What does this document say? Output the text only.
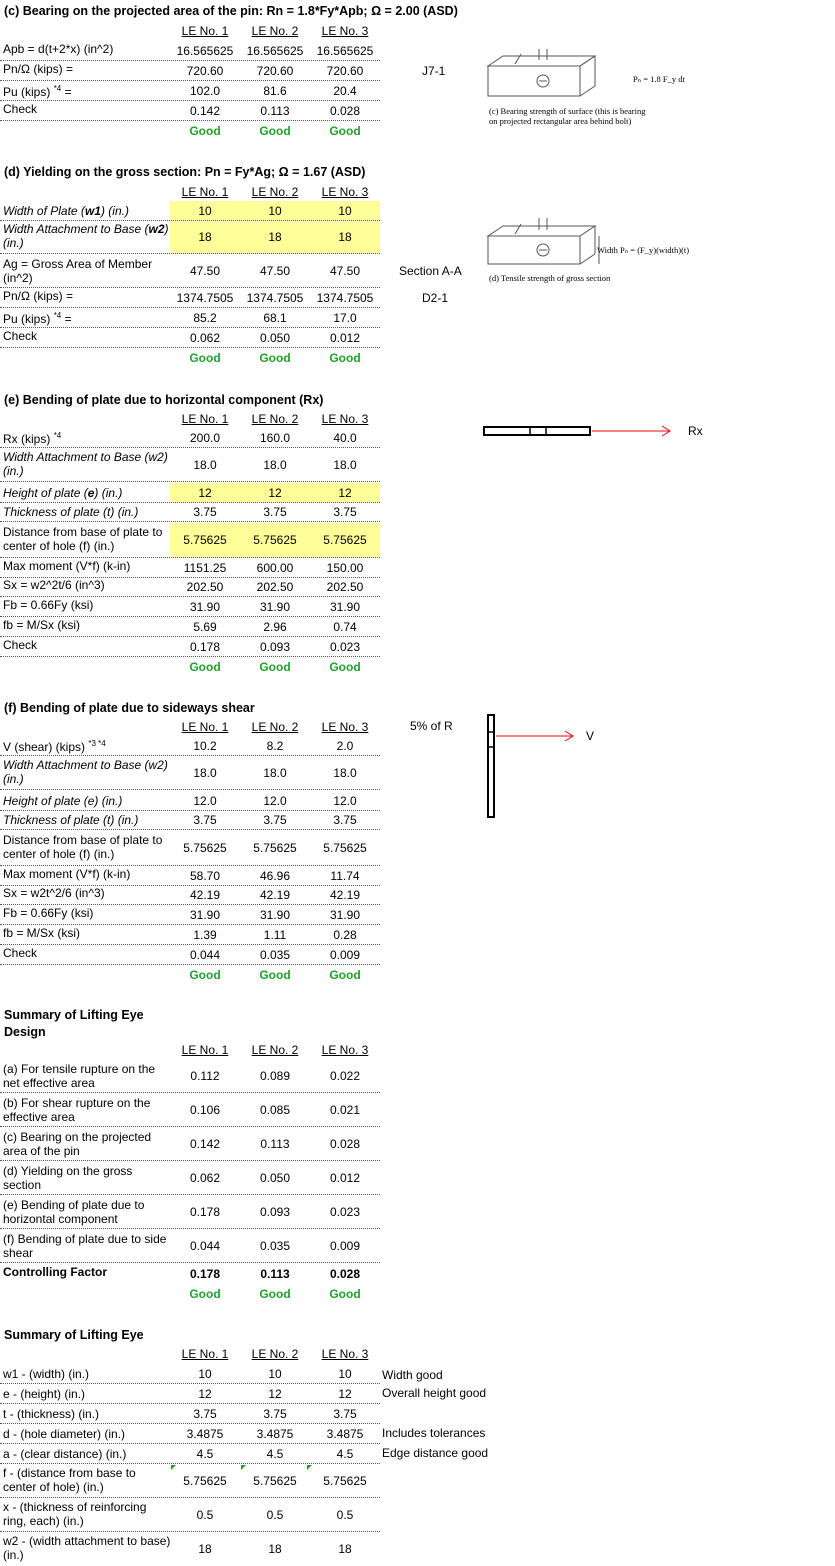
(c) Bearing on the projected area of the pin: Rn = 1.8*Fy*Apb; Ω = 2.00 (ASD)
LE No. 1	LE No. 2	LE No. 3
Apb = d(t+2*x) (in^2)	16.565625	16.565625	16.565625
Pn/Ω (kips) =	720.60	720.60	720.60
Pu (kips) $^{*4}$ =	102.0	81.6	20.4
Check	0.142	0.113	0.028
Good	Good	Good
J7-1
Pₙ = 1.8 F_y dt
(c) Bearing strength of surface (this is bearing
on projected rectangular area behind bolt)
(d) Yielding on the gross section: Pn = Fy*Ag; Ω = 1.67 (ASD)
LE No. 1	LE No. 2	LE No. 3
Width of Plate (w1) (in.)	10	10	10
Width Attachment to Base (w2) (in.)	18	18	18
Ag = Gross Area of Member (in^2)	47.50	47.50	47.50
Pn/Ω (kips) =	1374.7505	1374.7505	1374.7505
Pu (kips) $^{*4}$ =	85.2	68.1	17.0
Check	0.062	0.050	0.012
Good	Good	Good
Section A-A
D2-1
Width Pₙ = (F_y)(width)(t)
(d) Tensile strength of gross section
(e) Bending of plate due to horizontal component (Rx)
LE No. 1	LE No. 2	LE No. 3
Rx (kips) $^{*4}$	200.0	160.0	40.0
Width Attachment to Base (w2) (in.)	18.0	18.0	18.0
Height of plate (e) (in.)	12	12	12
Thickness of plate (t) (in.)	3.75	3.75	3.75
Distance from base of plate to center of hole (f) (in.)	5.75625	5.75625	5.75625
Max moment (V*f) (k-in)	1151.25	600.00	150.00
Sx = w2^2t/6 (in^3)	202.50	202.50	202.50
Fb = 0.66Fy (ksi)	31.90	31.90	31.90
fb = M/Sx (ksi)	5.69	2.96	0.74
Check	0.178	0.093	0.023
Good	Good	Good
Rx
(f) Bending of plate due to sideways shear
LE No. 1	LE No. 2	LE No. 3
V (shear) (kips) $^{*3 *4}$	10.2	8.2	2.0
Width Attachment to Base (w2) (in.)	18.0	18.0	18.0
Height of plate (e) (in.)	12.0	12.0	12.0
Thickness of plate (t) (in.)	3.75	3.75	3.75
Distance from base of plate to center of hole (f) (in.)	5.75625	5.75625	5.75625
Max moment (V*f) (k-in)	58.70	46.96	11.74
Sx = w2t^2/6 (in^3)	42.19	42.19	42.19
Fb = 0.66Fy (ksi)	31.90	31.90	31.90
fb = M/Sx (ksi)	1.39	1.11	0.28
Check	0.044	0.035	0.009
Good	Good	Good
5% of R
V
Summary of Lifting Eye Design
LE No. 1	LE No. 2	LE No. 3
(a) For tensile rupture on the net effective area	0.112	0.089	0.022
(b) For shear rupture on the effective area	0.106	0.085	0.021
(c) Bearing on the projected area of the pin	0.142	0.113	0.028
(d) Yielding on the gross section	0.062	0.050	0.012
(e) Bending of plate due to horizontal component	0.178	0.093	0.023
(f) Bending of plate due to side shear	0.044	0.035	0.009
Controlling Factor	0.178	0.113	0.028
Good	Good	Good
Summary of Lifting Eye
LE No. 1	LE No. 2	LE No. 3
w1 - (width) (in.)	10	10	10
e - (height) (in.)	12	12	12
t - (thickness) (in.)	3.75	3.75	3.75
d - (hole diameter) (in.)	3.4875	3.4875	3.4875
a - (clear distance) (in.)	4.5	4.5	4.5
f - (distance from base to center of hole) (in.)	5.75625	5.75625	5.75625
x - (thickness of reinforcing ring, each) (in.)	0.5	0.5	0.5
w2 - (width attachment to base) (in.)	18	18	18
Width good
Overall height good
Includes tolerances
Edge distance good
